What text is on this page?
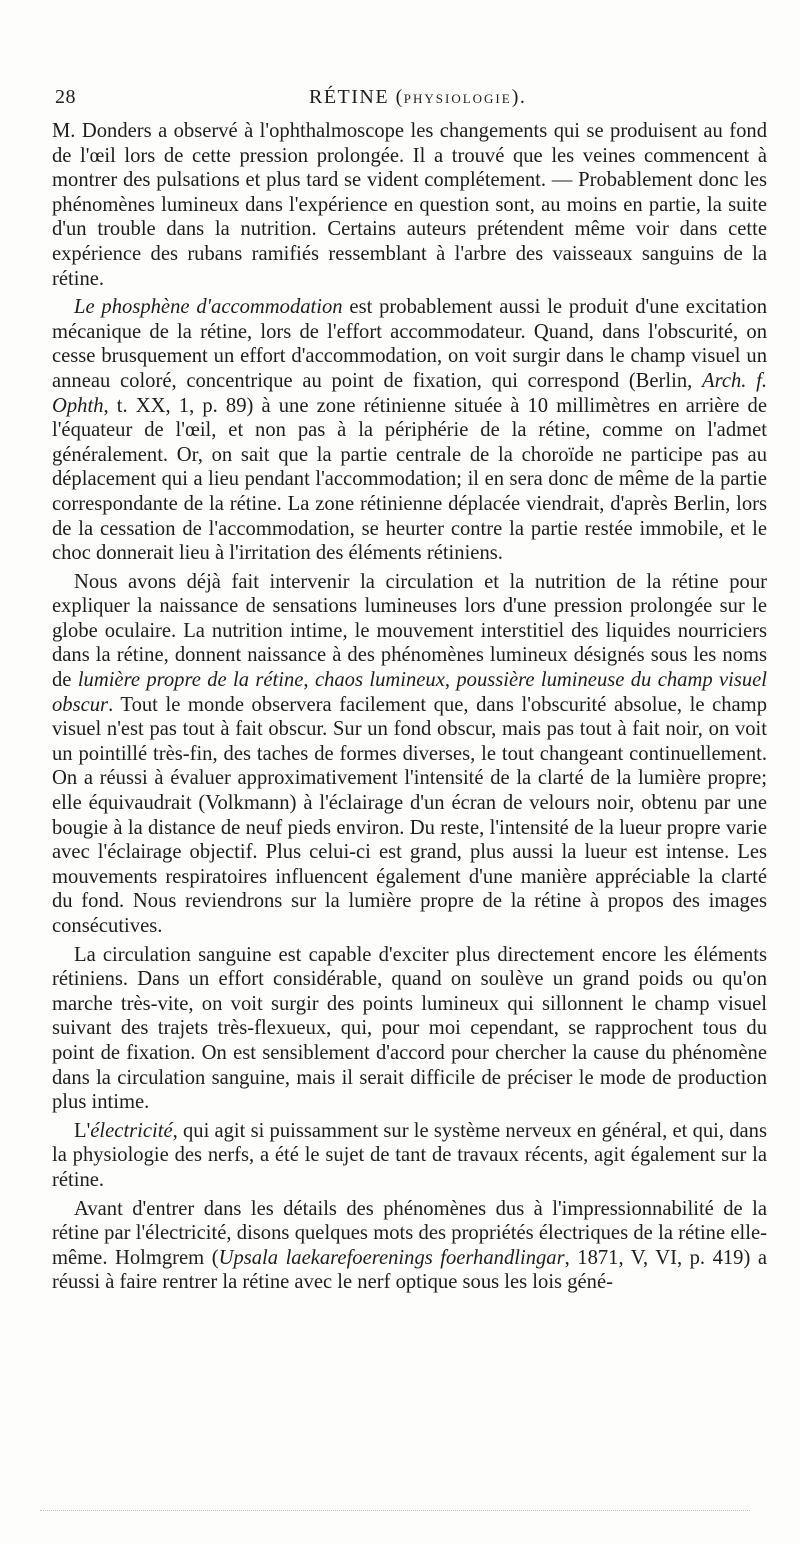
28	RÉTINE (PHYSIOLOGIE).

M. Donders a observé à l'ophthalmoscope les changements qui se produisent au fond de l'œil lors de cette pression prolongée. Il a trouvé que les veines commencent à montrer des pulsations et plus tard se vident complétement. — Probablement donc les phénomènes lumineux dans l'expérience en question sont, au moins en partie, la suite d'un trouble dans la nutrition. Certains auteurs prétendent même voir dans cette expérience des rubans ramifiés ressemblant à l'arbre des vaisseaux sanguins de la rétine.

Le phosphène d'accommodation est probablement aussi le produit d'une excitation mécanique de la rétine, lors de l'effort accommodateur. Quand, dans l'obscurité, on cesse brusquement un effort d'accommodation, on voit surgir dans le champ visuel un anneau coloré, concentrique au point de fixation, qui correspond (Berlin, Arch. f. Ophth, t. XX, 1, p. 89) à une zone rétinienne située à 10 millimètres en arrière de l'équateur de l'œil, et non pas à la périphérie de la rétine, comme on l'admet généralement. Or, on sait que la partie centrale de la choroïde ne participe pas au déplacement qui a lieu pendant l'accommodation; il en sera donc de même de la partie correspondante de la rétine. La zone rétinienne déplacée viendrait, d'après Berlin, lors de la cessation de l'accommodation, se heurter contre la partie restée immobile, et le choc donnerait lieu à l'irritation des éléments rétiniens.

Nous avons déjà fait intervenir la circulation et la nutrition de la rétine pour expliquer la naissance de sensations lumineuses lors d'une pression prolongée sur le globe oculaire. La nutrition intime, le mouvement interstitiel des liquides nourriciers dans la rétine, donnent naissance à des phénomènes lumineux désignés sous les noms de lumière propre de la rétine, chaos lumineux, poussière lumineuse du champ visuel obscur. Tout le monde observera facilement que, dans l'obscurité absolue, le champ visuel n'est pas tout à fait obscur. Sur un fond obscur, mais pas tout à fait noir, on voit un pointillé très-fin, des taches de formes diverses, le tout changeant continuellement. On a réussi à évaluer approximativement l'intensité de la clarté de la lumière propre; elle équivaudrait (Volkmann) à l'éclairage d'un écran de velours noir, obtenu par une bougie à la distance de neuf pieds environ. Du reste, l'intensité de la lueur propre varie avec l'éclairage objectif. Plus celui-ci est grand, plus aussi la lueur est intense. Les mouvements respiratoires influencent également d'une manière appréciable la clarté du fond. Nous reviendrons sur la lumière propre de la rétine à propos des images consécutives.

La circulation sanguine est capable d'exciter plus directement encore les éléments rétiniens. Dans un effort considérable, quand on soulève un grand poids ou qu'on marche très-vite, on voit surgir des points lumineux qui sillonnent le champ visuel suivant des trajets très-flexueux, qui, pour moi cependant, se rapprochent tous du point de fixation. On est sensiblement d'accord pour chercher la cause du phénomène dans la circulation sanguine, mais il serait difficile de préciser le mode de production plus intime.

L'électricité, qui agit si puissamment sur le système nerveux en général, et qui, dans la physiologie des nerfs, a été le sujet de tant de travaux récents, agit également sur la rétine.

Avant d'entrer dans les détails des phénomènes dus à l'impressionnabilité de la rétine par l'électricité, disons quelques mots des propriétés électriques de la rétine elle-même. Holmgrem (Upsala laekarefoerenings foerhandlingar, 1871, V, VI, p. 419) a réussi à faire rentrer la rétine avec le nerf optique sous les lois géné-
